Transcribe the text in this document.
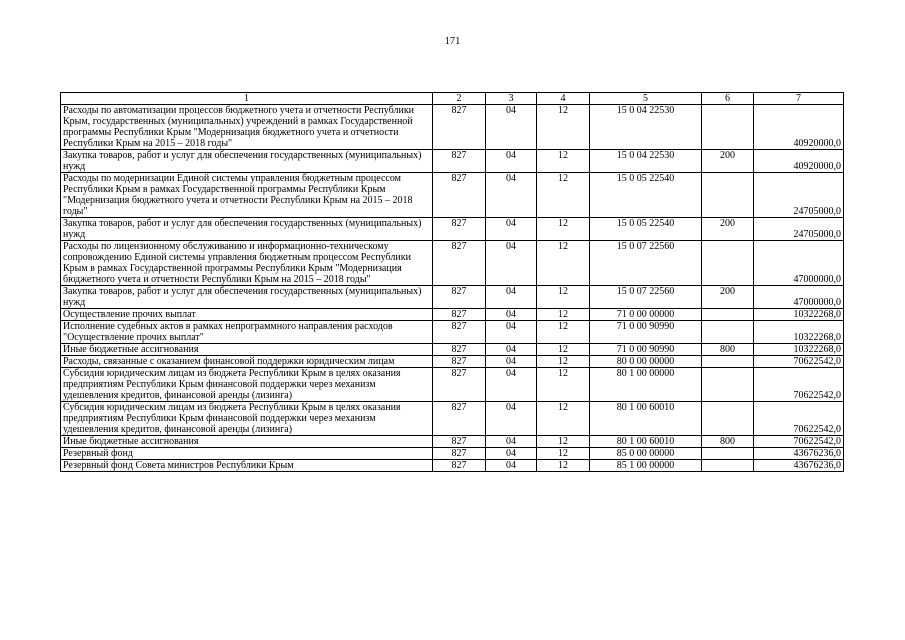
171
1	2	3	4	5	6	7
Расходы по автоматизации процессов бюджетного учета и отчетности Республики Крым, государственных (муниципальных) учреждений в рамках Государственной программы Республики Крым "Модернизация бюджетного учета и отчетности Республики Крым на 2015 – 2018 годы"	827	04	12	15 0 04 22530		40920000,0
Закупка товаров, работ и услуг для обеспечения государственных (муниципальных) нужд	827	04	12	15 0 04 22530	200	40920000,0
Расходы по модернизации Единой системы управления бюджетным процессом Республики Крым в рамках Государственной программы Республики Крым "Модернизация бюджетного учета и отчетности Республики Крым на 2015 – 2018 годы"	827	04	12	15 0 05 22540		24705000,0
Закупка товаров, работ и услуг для обеспечения государственных (муниципальных) нужд	827	04	12	15 0 05 22540	200	24705000,0
Расходы по лицензионному обслуживанию и информационно-техническому сопровождению Единой системы управления бюджетным процессом Республики Крым в рамках Государственной программы Республики Крым "Модернизация бюджетного учета и отчетности Республики Крым на 2015 – 2018 годы"	827	04	12	15 0 07 22560		47000000,0
Закупка товаров, работ и услуг для обеспечения государственных (муниципальных) нужд	827	04	12	15 0 07 22560	200	47000000,0
Осуществление прочих выплат	827	04	12	71 0 00 00000		10322268,0
Исполнение судебных актов в рамках непрограммного направления расходов "Осуществление прочих выплат"	827	04	12	71 0 00 90990		10322268,0
Иные бюджетные ассигнования	827	04	12	71 0 00 90990	800	10322268,0
Расходы, связанные с оказанием финансовой поддержки юридическим лицам	827	04	12	80 0 00 00000		70622542,0
Субсидия юридическим лицам из бюджета Республики Крым в целях оказания предприятиям Республики Крым финансовой поддержки через механизм удешевления кредитов, финансовой аренды (лизинга)	827	04	12	80 1 00 00000		70622542,0
Субсидия юридическим лицам из бюджета Республики Крым в целях оказания предприятиям Республики Крым финансовой поддержки через механизм удешевления кредитов, финансовой аренды (лизинга)	827	04	12	80 1 00 60010		70622542,0
Иные бюджетные ассигнования	827	04	12	80 1 00 60010	800	70622542,0
Резервный фонд	827	04	12	85 0 00 00000		43676236,0
Резервный фонд Совета министров Республики Крым	827	04	12	85 1 00 00000		43676236,0
